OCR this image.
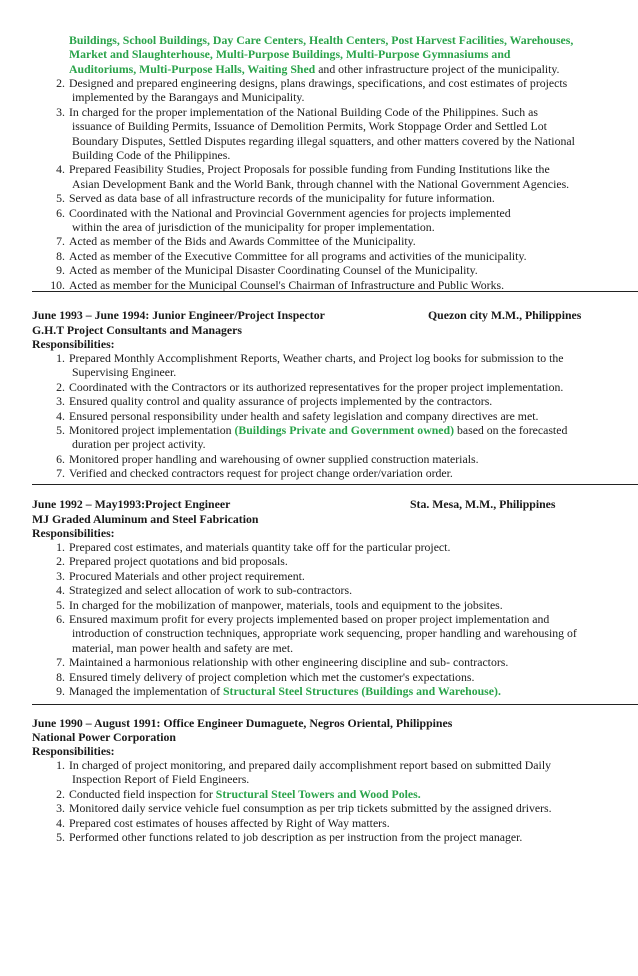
Buildings, School Buildings, Day Care Centers, Health Centers, Post Harvest Facilities, Warehouses,
Market and Slaughterhouse, Multi-Purpose Buildings, Multi-Purpose Gymnasiums and
Auditoriums, Multi-Purpose Halls, Waiting Shed and other infrastructure project of the municipality.
2. Designed and prepared engineering designs, plans drawings, specifications, and cost estimates of projects
implemented by the Barangays and Municipality.
3. In charged for the proper implementation of the National Building Code of the Philippines. Such as
issuance of Building Permits, Issuance of Demolition Permits, Work Stoppage Order and Settled Lot
Boundary Disputes, Settled Disputes regarding illegal squatters, and other matters covered by the National
Building Code of the Philippines.
4. Prepared Feasibility Studies, Project Proposals for possible funding from Funding Institutions like the
Asian Development Bank and the World Bank, through channel with the National Government Agencies.
5. Served as data base of all infrastructure records of the municipality for future information.
6. Coordinated with the National and Provincial Government agencies for projects implemented
within the area of jurisdiction of the municipality for proper implementation.
7. Acted as member of the Bids and Awards Committee of the Municipality.
8. Acted as member of the Executive Committee for all programs and activities of the municipality.
9. Acted as member of the Municipal Disaster Coordinating Counsel of the Municipality.
10. Acted as member for the Municipal Counsel's Chairman of Infrastructure and Public Works.
June 1993 – June 1994: Junior Engineer/Project Inspector	Quezon city M.M., Philippines
G.H.T Project Consultants and Managers
Responsibilities:
1. Prepared Monthly Accomplishment Reports, Weather charts, and Project log books for submission to the
Supervising Engineer.
2. Coordinated with the Contractors or its authorized representatives for the proper project implementation.
3. Ensured quality control and quality assurance of projects implemented by the contractors.
4. Ensured personal responsibility under health and safety legislation and company directives are met.
5. Monitored project implementation (Buildings Private and Government owned) based on the forecasted
duration per project activity.
6. Monitored proper handling and warehousing of owner supplied construction materials.
7. Verified and checked contractors request for project change order/variation order.
June 1992 – May1993:Project Engineer	Sta. Mesa, M.M., Philippines
MJ Graded Aluminum and Steel Fabrication
Responsibilities:
1. Prepared cost estimates, and materials quantity take off for the particular project.
2. Prepared project quotations and bid proposals.
3. Procured Materials and other project requirement.
4. Strategized and select allocation of work to sub-contractors.
5. In charged for the mobilization of manpower, materials, tools and equipment to the jobsites.
6. Ensured maximum profit for every projects implemented based on proper project implementation and
introduction of construction techniques, appropriate work sequencing, proper handling and warehousing of
material, man power health and safety are met.
7. Maintained a harmonious relationship with other engineering discipline and sub- contractors.
8. Ensured timely delivery of project completion which met the customer's expectations.
9. Managed the implementation of Structural Steel Structures (Buildings and Warehouse).
June 1990 – August 1991: Office Engineer Dumaguete, Negros Oriental, Philippines
National Power Corporation
Responsibilities:
1. In charged of project monitoring, and prepared daily accomplishment report based on submitted Daily
Inspection Report of Field Engineers.
2. Conducted field inspection for Structural Steel Towers and Wood Poles.
3. Monitored daily service vehicle fuel consumption as per trip tickets submitted by the assigned drivers.
4. Prepared cost estimates of houses affected by Right of Way matters.
5. Performed other functions related to job description as per instruction from the project manager.
